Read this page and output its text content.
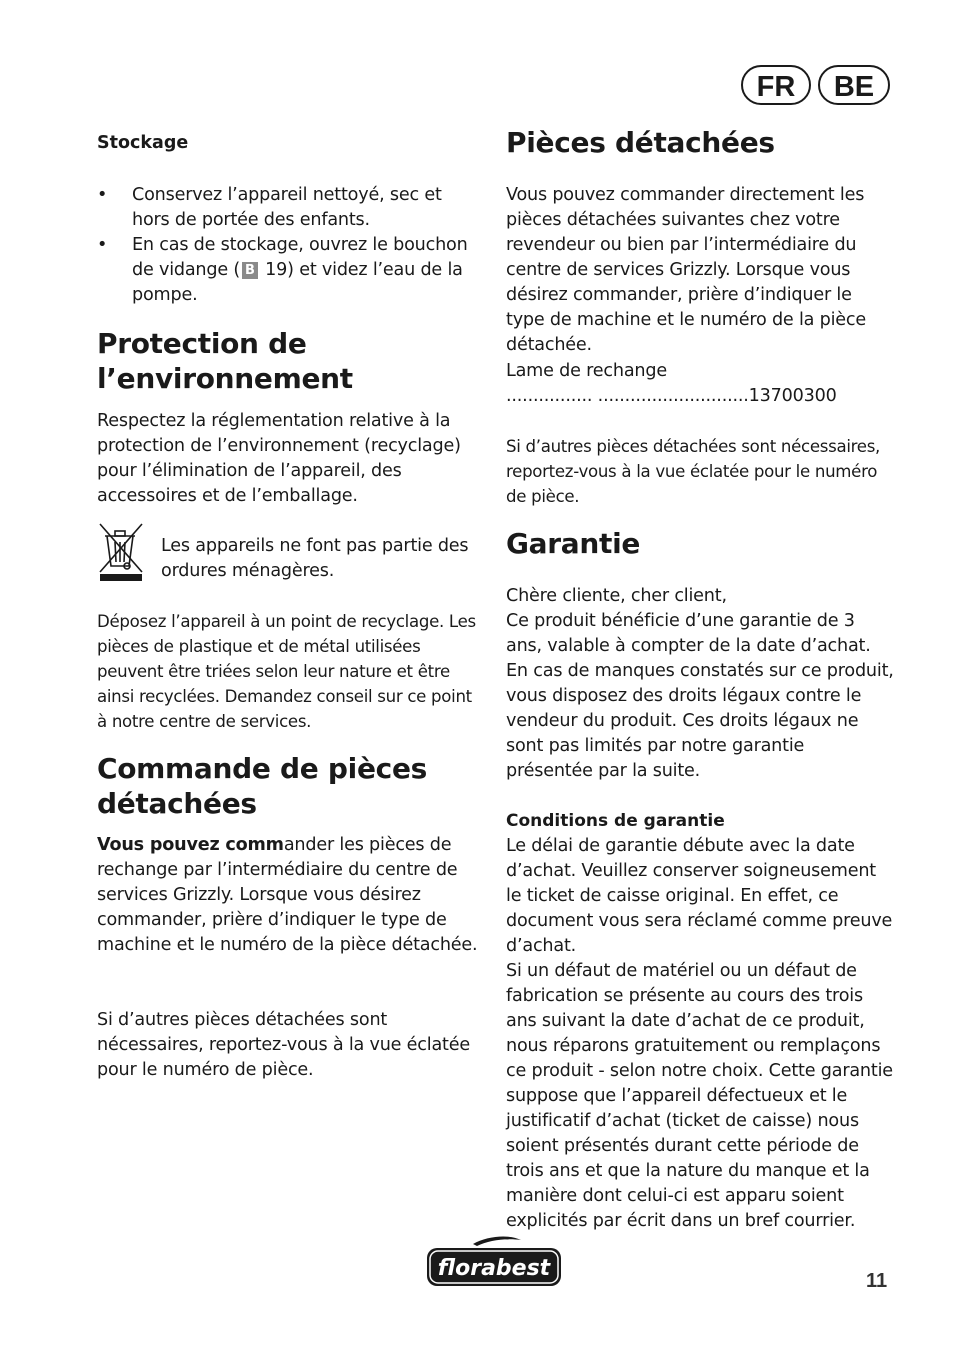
FR	BE

Stockage

• Conservez l’appareil nettoyé, sec et hors de portée des enfants.
• En cas de stockage, ouvrez le bouchon de vidange ( B 19) et videz l’eau de la pompe.
Protection de
l’environnement

Respectez la réglementation relative à la protection de l’environnement (recyclage) pour l’élimination de l’appareil, des accessoires et de l’emballage.

Les appareils ne font pas partie des ordures ménagères.

Déposez l’appareil à un point de recyclage. Les pièces de plastique et de métal utilisées peuvent être triées selon leur nature et être ainsi recyclées. Demandez conseil sur ce point à notre centre de services.

Commande de pièces
détachées

Vous pouvez commander les pièces de rechange par l’intermédiaire du centre de services Grizzly. Lorsque vous désirez commander, prière d’indiquer le type de machine et le numéro de la pièce détachée.

Si d’autres pièces détachées sont nécessaires, reportez-vous à la vue éclatée pour le numéro de pièce.

Pièces détachées

Vous pouvez commander directement les pièces détachées suivantes chez votre revendeur ou bien par l’intermédiaire du centre de services Grizzly. Lorsque vous désirez commander, prière d’indiquer le type de machine et le numéro de la pièce détachée.

Lame de rechange

................ ............................13700300

Si d’autres pièces détachées sont nécessaires, reportez-vous à la vue éclatée pour le numéro de pièce.

Garantie

Chère cliente, cher client,

Ce produit bénéficie d’une garantie de 3 ans, valable à compter de la date d’achat. En cas de manques constatés sur ce produit, vous disposez des droits légaux contre le vendeur du produit. Ces droits légaux ne sont pas limités par notre garantie présentée par la suite.

Conditions de garantie

Le délai de garantie débute avec la date d’achat. Veuillez conserver soigneusement le ticket de caisse original. En effet, ce document vous sera réclamé comme preuve d’achat.

Si un défaut de matériel ou un défaut de fabrication se présente au cours des trois ans suivant la date d’achat de ce produit, nous réparons gratuitement ou remplaçons ce produit - selon notre choix. Cette garantie suppose que l’appareil défectueux et le justificatif d’achat (ticket de caisse) nous soient présentés durant cette période de trois ans et que la nature du manque et la manière dont celui-ci est apparu soient explicités par écrit dans un bref courrier.

florabest	11
